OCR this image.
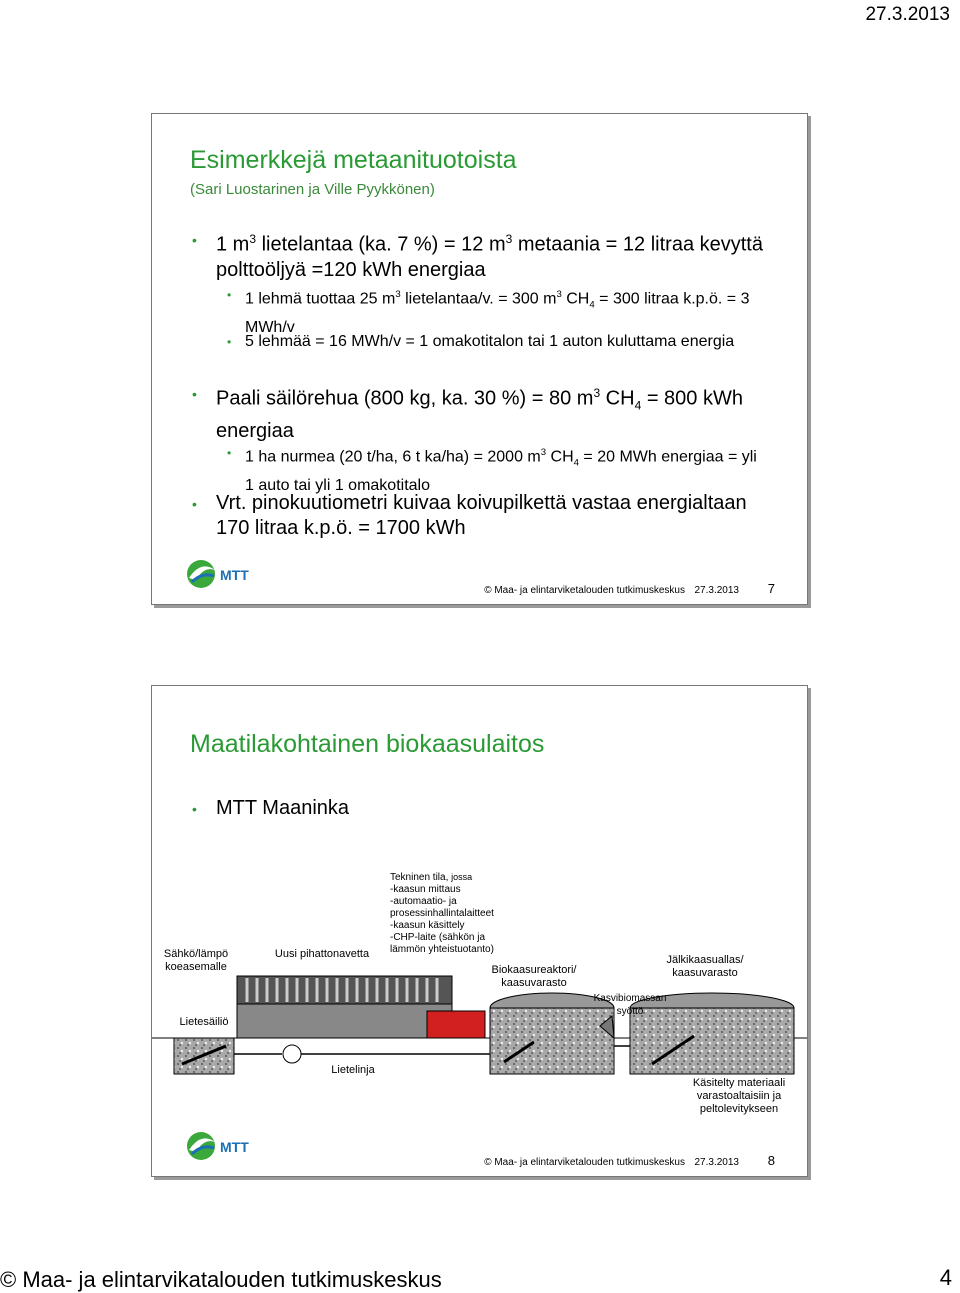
27.3.2013
Esimerkkejä metaanituotoista
(Sari Luostarinen ja Ville Pyykkönen)
• 1 $m^3$ lietelantaa (ka. 7 %) = 12 $m^3$ metaania = 12 litraa kevyttä polttoöljyä =120 kWh energiaa
• 1 lehmä tuottaa 25 $m^3$ lietelantaa/v. = 300 $m^3$ $CH_4 = 300$ litraa k.p.ö. = 3 MWh/v
• 5 lehmää = 16 MWh/v = 1 omakotitalon tai 1 auton kuluttama energia
• Paali säilörehua (800 kg, ka. 30 %) = 80 $m^3$ $CH_4 = 800$ kWh energiaa
• 1 ha nurmea (20 t/ha, 6 t ka/ha) = 2000 $m^3$ $CH_4 = 20$ MWh energiaa = yli 1 auto tai yli 1 omakotitalo
• Vrt. pinokuutiometri kuivaa koivupilkettä vastaa energialtaan 170 litraa k.p.ö. = 1700 kWh
MTT
© Maa- ja elintarviketalouden tutkimuskeskus 27.3.2013 7
Maatilakohtainen biokaasulaitos
• MTT Maaninka
Sähkö/lämpö koeasemalle
Uusi pihattonavetta
Tekninen tila, jossa
-kaasun mittaus
-automaatio- ja prosessinhallintalaitteet
-kaasun käsittely
-CHP-laite (sähkön ja lämmön yhteistuotanto)
Biokaasureaktori/ kaasuvarasto
Jälkikaasuallas/ kaasuvarasto
Kasvibiomassan syöttö
Lietesäiliö
Lietelinja
Käsitelty materiaali varastoaltaisiin ja peltolevitykseen
MTT
© Maa- ja elintarviketalouden tutkimuskeskus 27.3.2013 8
© Maa- ja elintarvikatalouden tutkimuskeskus	4
